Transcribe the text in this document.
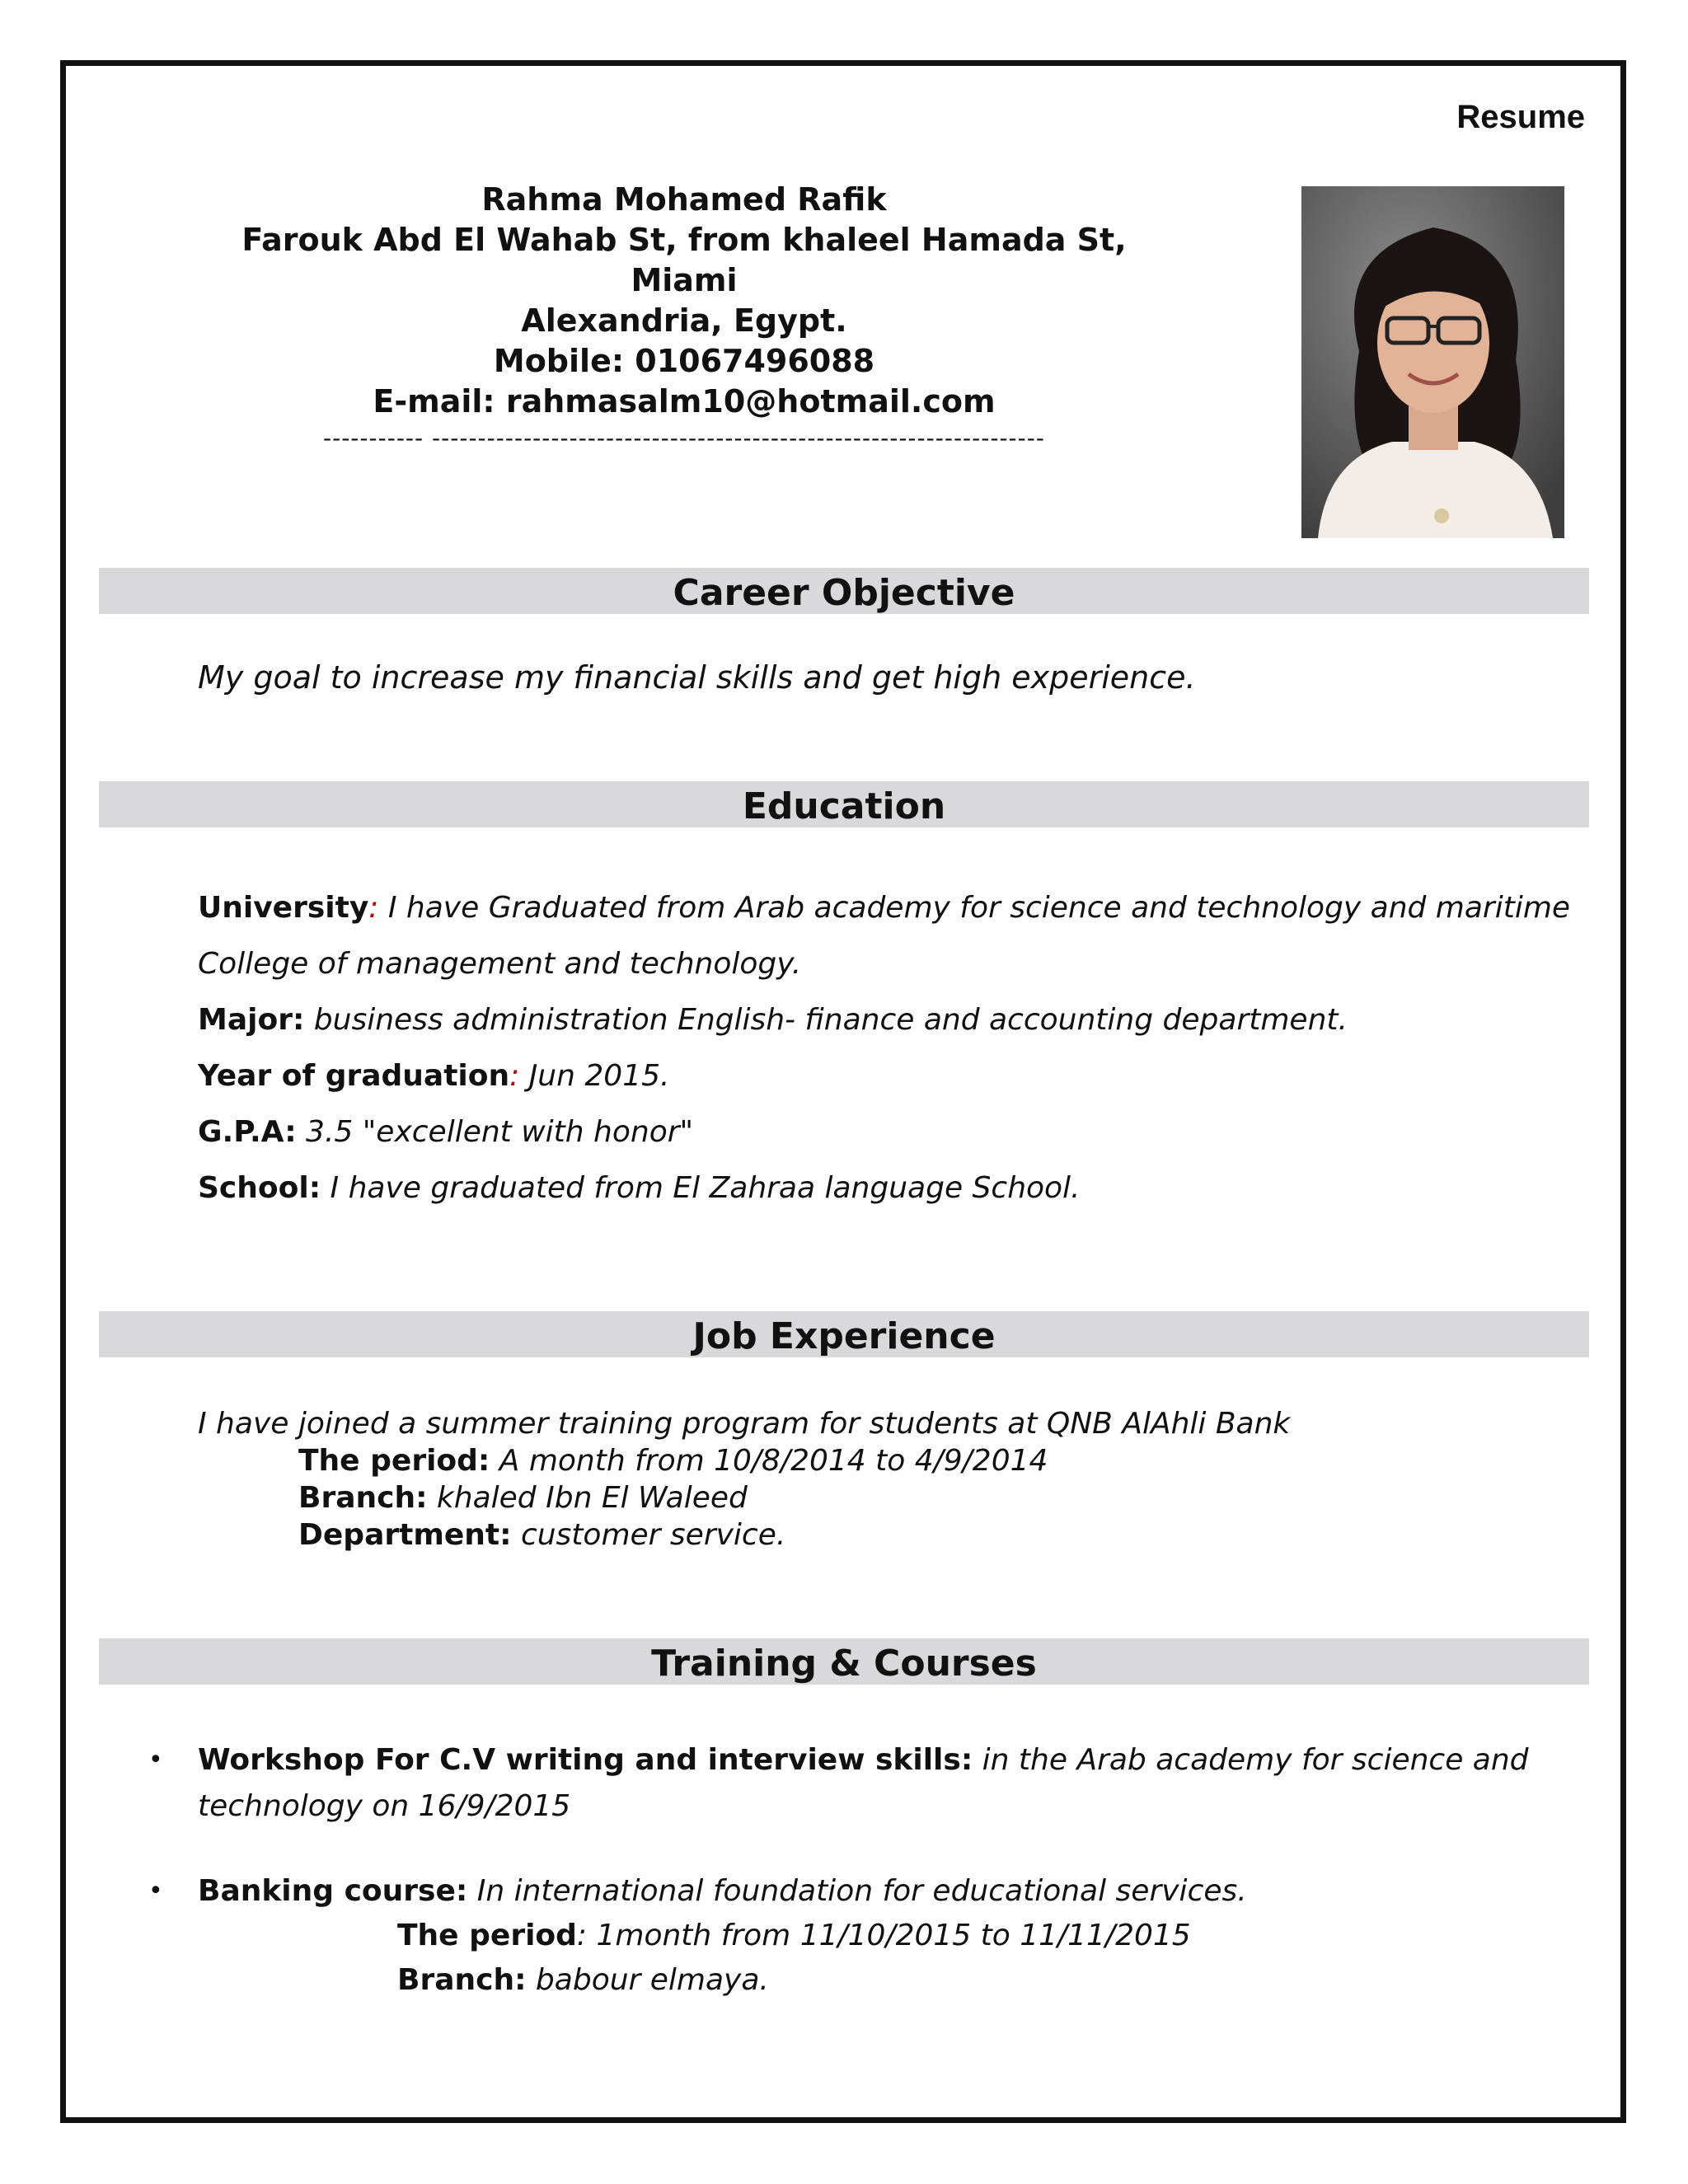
Resume
Rahma Mohamed Rafik
Farouk Abd El Wahab St, from khaleel Hamada St, Miami
Alexandria, Egypt.
Mobile: 01067496088
E-mail: rahmasalm10@hotmail.com
----------- -------------------------------------------------------------------
Career Objective
My goal to increase my financial skills and get high experience.
Education
University: I have Graduated from Arab academy for science and technology and maritime College of management and technology.
Major: business administration English- finance and accounting department.
Year of graduation: Jun 2015.
G.P.A: 3.5 "excellent with honor"
School: I have graduated from El Zahraa language School.
Job Experience
I have joined a summer training program for students at QNB AlAhli Bank
The period: A month from 10/8/2014 to 4/9/2014
Branch: khaled Ibn El Waleed
Department: customer service.
Training & Courses
• Workshop For C.V writing and interview skills: in the Arab academy for science and technology on 16/9/2015
• Banking course: In international foundation for educational services.
The period: 1month from 11/10/2015 to 11/11/2015
Branch: babour elmaya.
